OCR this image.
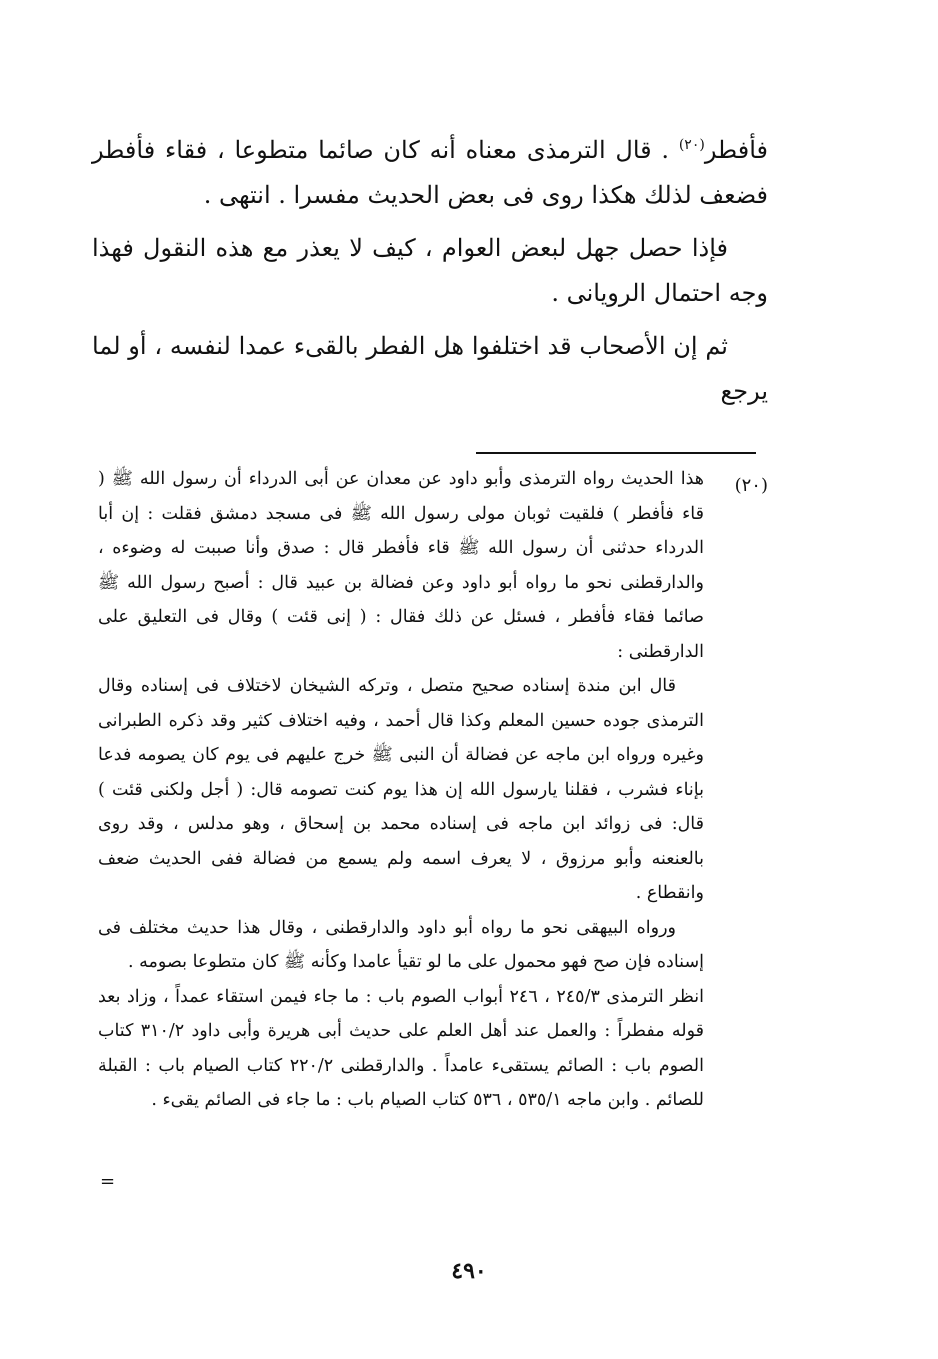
فأفطر$^{(٢٠)}$ . قال الترمذى معناه أنه كان صائما متطوعا ، فقاء فأفطر فضعف لذلك هكذا روى فى بعض الحديث مفسرا . انتهى .

فإذا حصل جهل لبعض العوام ، كيف لا يعذر مع هذه النقول فهذا وجه احتمال الرويانى .

ثم إن الأصحاب قد اختلفوا هل الفطر بالقىء عمدا لنفسه ، أو لما يرجع

(٢٠)

هذا الحديث رواه الترمذى وأبو داود عن معدان عن أبى الدرداء أن رسول الله ﷺ ( قاء فأفطر ) فلقيت ثوبان مولى رسول الله ﷺ فى مسجد دمشق فقلت : إن أبا الدرداء حدثنى أن رسول الله ﷺ قاء فأفطر قال : صدق وأنا صببت له وضوءه ، والدارقطنى نحو ما رواه أبو داود وعن فضالة بن عبيد قال : أصبح رسول الله ﷺ صائما فقاء فأفطر ، فسئل عن ذلك فقال : ( إنى قئت ) وقال فى التعليق على الدارقطنى :

قال ابن مندة إسناده صحيح متصل ، وتركه الشيخان لاختلاف فى إسناده وقال الترمذى جوده حسين المعلم وكذا قال أحمد ، وفيه اختلاف كثير وقد ذكره الطبرانى وغيره ورواه ابن ماجه عن فضالة أن النبى ﷺ خرج عليهم فى يوم كان يصومه فدعا بإناء فشرب ، فقلنا يارسول الله إن هذا يوم كنت تصومه قال: ( أجل ولكنى قئت ) قال: فى زوائد ابن ماجه فى إسناده محمد بن إسحاق ، وهو مدلس ، وقد روى بالعنعنه وأبو مرزوق ، لا يعرف اسمه ولم يسمع من فضالة ففى الحديث ضعف وانقطاع .

ورواه البيهقى نحو ما رواه أبو داود والدارقطنى ، وقال هذا حديث مختلف فى إسناده فإن صح فهو محمول على ما لو تقيأ عامدا وكأنه ﷺ كان متطوعا بصومه .

انظر الترمذى ٢٤٥/٣ ، ٢٤٦ أبواب الصوم باب : ما جاء فيمن استقاء عمداً ، وزاد بعد قوله مفطراً : والعمل عند أهل العلم على حديث أبى هريرة وأبى داود ٣١٠/٢ كتاب الصوم باب : الصائم يستقىء عامداً . والدارقطنى ٢٢٠/٢ كتاب الصيام باب : القبلة للصائم . وابن ماجه ٥٣٥/١ ، ٥٣٦ كتاب الصيام باب : ما جاء فى الصائم يقىء .

=
٤٩٠
